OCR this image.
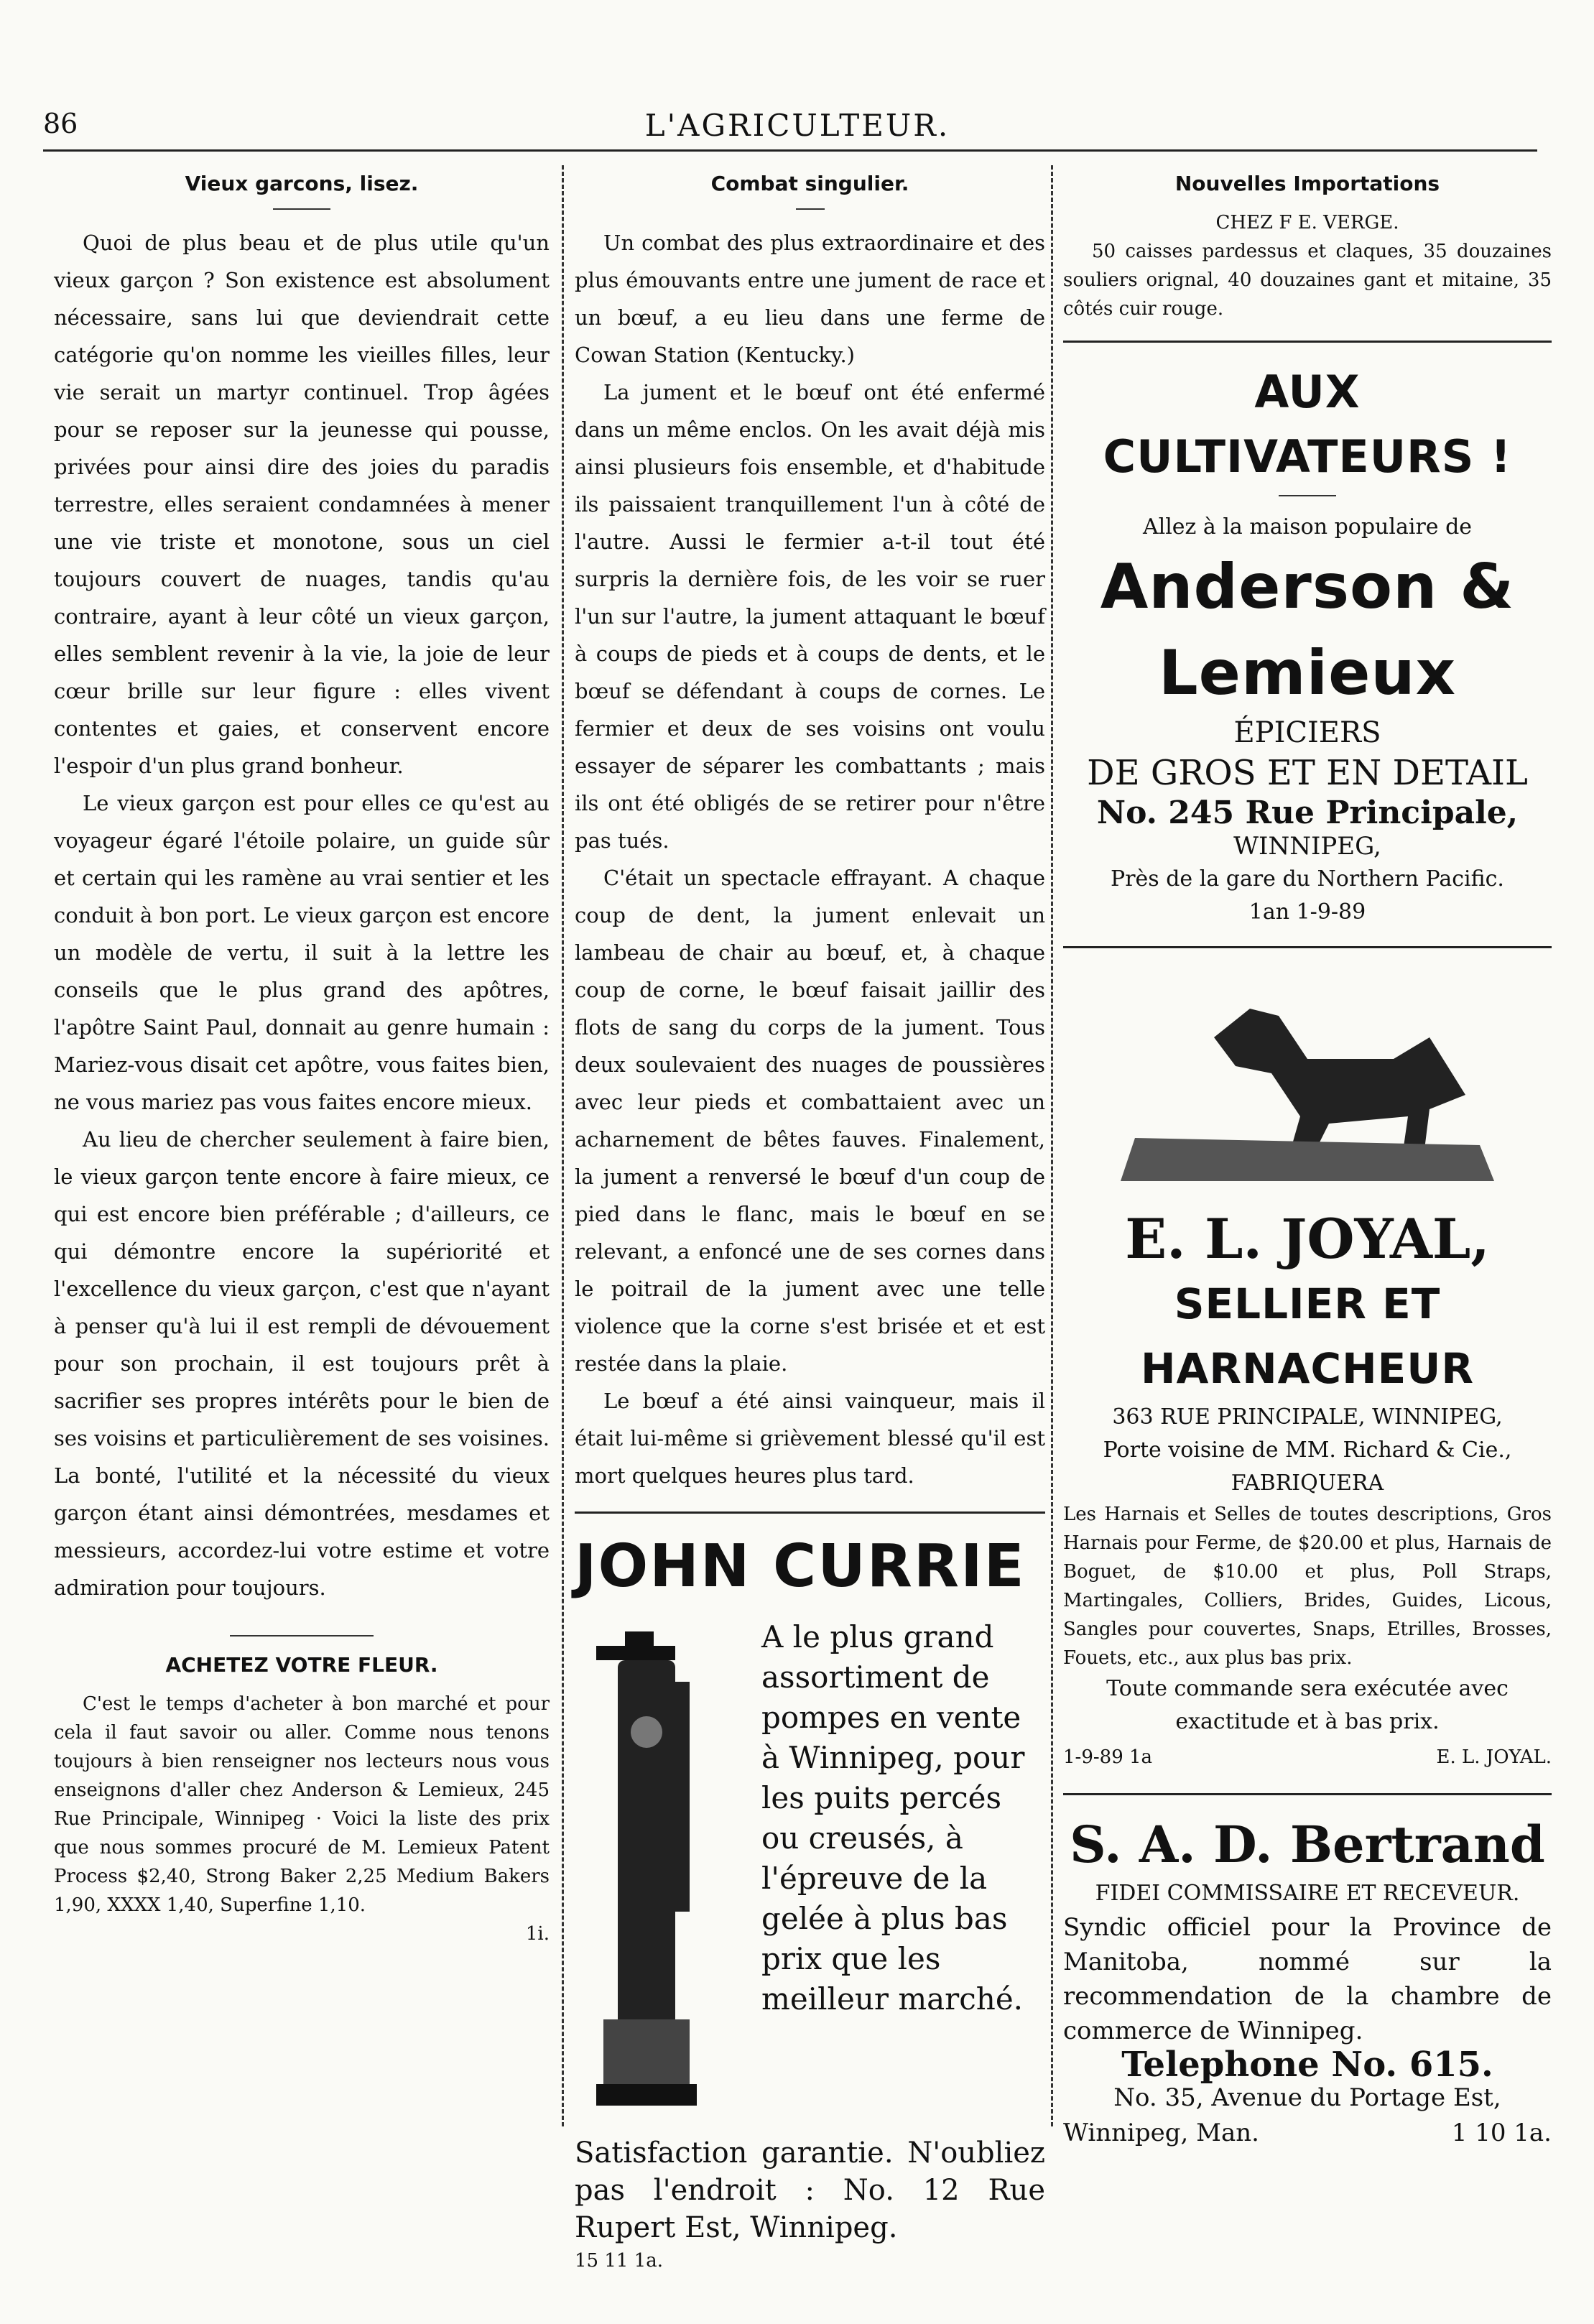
86	L'AGRICULTEUR.
Vieux garcons, lisez.

Quoi de plus beau et de plus utile qu'un vieux garçon ? Son existence est absolument nécessaire, sans lui que deviendrait cette catégorie qu'on nomme les vieilles filles, leur vie serait un martyr continuel. Trop âgées pour se reposer sur la jeunesse qui pousse, privées pour ainsi dire des joies du paradis terrestre, elles seraient condamnées à mener une vie triste et monotone, sous un ciel toujours couvert de nuages, tandis qu'au contraire, ayant à leur côté un vieux garçon, elles semblent revenir à la vie, la joie de leur cœur brille sur leur figure : elles vivent contentes et gaies, et conservent encore l'espoir d'un plus grand bonheur.

Le vieux garçon est pour elles ce qu'est au voyageur égaré l'étoile polaire, un guide sûr et certain qui les ramène au vrai sentier et les conduit à bon port. Le vieux garçon est encore un modèle de vertu, il suit à la lettre les conseils que le plus grand des apôtres, l'apôtre Saint Paul, donnait au genre humain : Mariez-vous disait cet apôtre, vous faites bien, ne vous mariez pas vous faites encore mieux.

Au lieu de chercher seulement à faire bien, le vieux garçon tente encore à faire mieux, ce qui est encore bien préférable ; d'ailleurs, ce qui démontre encore la supériorité et l'excellence du vieux garçon, c'est que n'ayant à penser qu'à lui il est rempli de dévouement pour son prochain, il est toujours prêt à sacrifier ses propres intérêts pour le bien de ses voisins et particulièrement de ses voisines. La bonté, l'utilité et la nécessité du vieux garçon étant ainsi démontrées, mesdames et messieurs, accordez-lui votre estime et votre admiration pour toujours.

ACHETEZ VOTRE FLEUR.

C'est le temps d'acheter à bon marché et pour cela il faut savoir ou aller. Comme nous tenons toujours à bien renseigner nos lecteurs nous vous enseignons d'aller chez Anderson & Lemieux, 245 Rue Principale, Winnipeg · Voici la liste des prix que nous sommes procuré de M. Lemieux Patent Process $2,40, Strong Baker 2,25 Medium Bakers 1,90, XXXX 1,40, Superfine 1,10.

1i.
Combat singulier.

Un combat des plus extraordinaire et des plus émouvants entre une jument de race et un bœuf, a eu lieu dans une ferme de Cowan Station (Kentucky.)

La jument et le bœuf ont été enfermé dans un même enclos. On les avait déjà mis ainsi plusieurs fois ensemble, et d'habitude ils paissaient tranquillement l'un à côté de l'autre. Aussi le fermier a-t-il tout été surpris la dernière fois, de les voir se ruer l'un sur l'autre, la jument attaquant le bœuf à coups de pieds et à coups de dents, et le bœuf se défendant à coups de cornes. Le fermier et deux de ses voisins ont voulu essayer de séparer les combattants ; mais ils ont été obligés de se retirer pour n'être pas tués.

C'était un spectacle effrayant. A chaque coup de dent, la jument enlevait un lambeau de chair au bœuf, et, à chaque coup de corne, le bœuf faisait jaillir des flots de sang du corps de la jument. Tous deux soulevaient des nuages de poussières avec leur pieds et combattaient avec un acharnement de bêtes fauves. Finalement, la jument a renversé le bœuf d'un coup de pied dans le flanc, mais le bœuf en se relevant, a enfoncé une de ses cornes dans le poitrail de la jument avec une telle violence que la corne s'est brisée et et est restée dans la plaie.

Le bœuf a été ainsi vainqueur, mais il était lui-même si grièvement blessé qu'il est mort quelques heures plus tard.

JOHN CURRIE
A le plus grand assortiment de pompes en vente à Winnipeg, pour les puits percés ou creusés, à l'épreuve de la gelée à plus bas prix que les meilleur marché.

Satisfaction garantie. N'oubliez pas l'endroit : No. 12 Rue Rupert Est, Winnipeg.

15 11 1a.

Nouvelles Importations
CHEZ F E. VERGE.

50 caisses pardessus et claques, 35 douzaines souliers orignal, 40 douzaines gant et mitaine, 35 côtés cuir rouge.

AUX CULTIVATEURS !
Allez à la maison populaire de
Anderson & Lemieux
ÉPICIERS
DE GROS ET EN DETAIL
No. 245 Rue Principale,
WINNIPEG,
Près de la gare du Northern Pacific.
1an 1-9-89
E. L. JOYAL,
SELLIER ET HARNACHEUR
363 RUE PRINCIPALE, WINNIPEG,
Porte voisine de MM. Richard & Cie.,
FABRIQUERA

Les Harnais et Selles de toutes descriptions, Gros Harnais pour Ferme, de $20.00 et plus, Harnais de Boguet, de $10.00 et plus, Poll Straps, Martingales, Colliers, Brides, Guides, Licous, Sangles pour couvertes, Snaps, Etrilles, Brosses, Fouets, etc., aux plus bas prix.

Toute commande sera exécutée avec exactitude et à bas prix.
1-9-89 1a	E. L. JOYAL.
S. A. D. Bertrand
FIDEI COMMISSAIRE ET RECEVEUR.

Syndic officiel pour la Province de Manitoba, nommé sur la recommendation de la chambre de commerce de Winnipeg.

Telephone No. 615.
No. 35, Avenue du Portage Est,
Winnipeg, Man.	1 10 1a.
